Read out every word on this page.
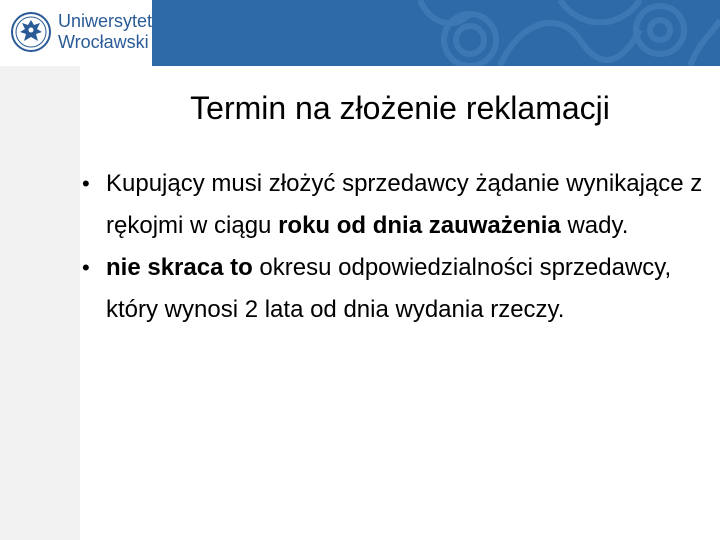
Uniwersytet
Wrocławski
Termin na złożenie reklamacji
• Kupujący musi złożyć sprzedawcy żądanie wynikające z rękojmi w ciągu roku od dnia zauważenia wady.
• nie skraca to okresu odpowiedzialności sprzedawcy, który wynosi 2 lata od dnia wydania rzeczy.
